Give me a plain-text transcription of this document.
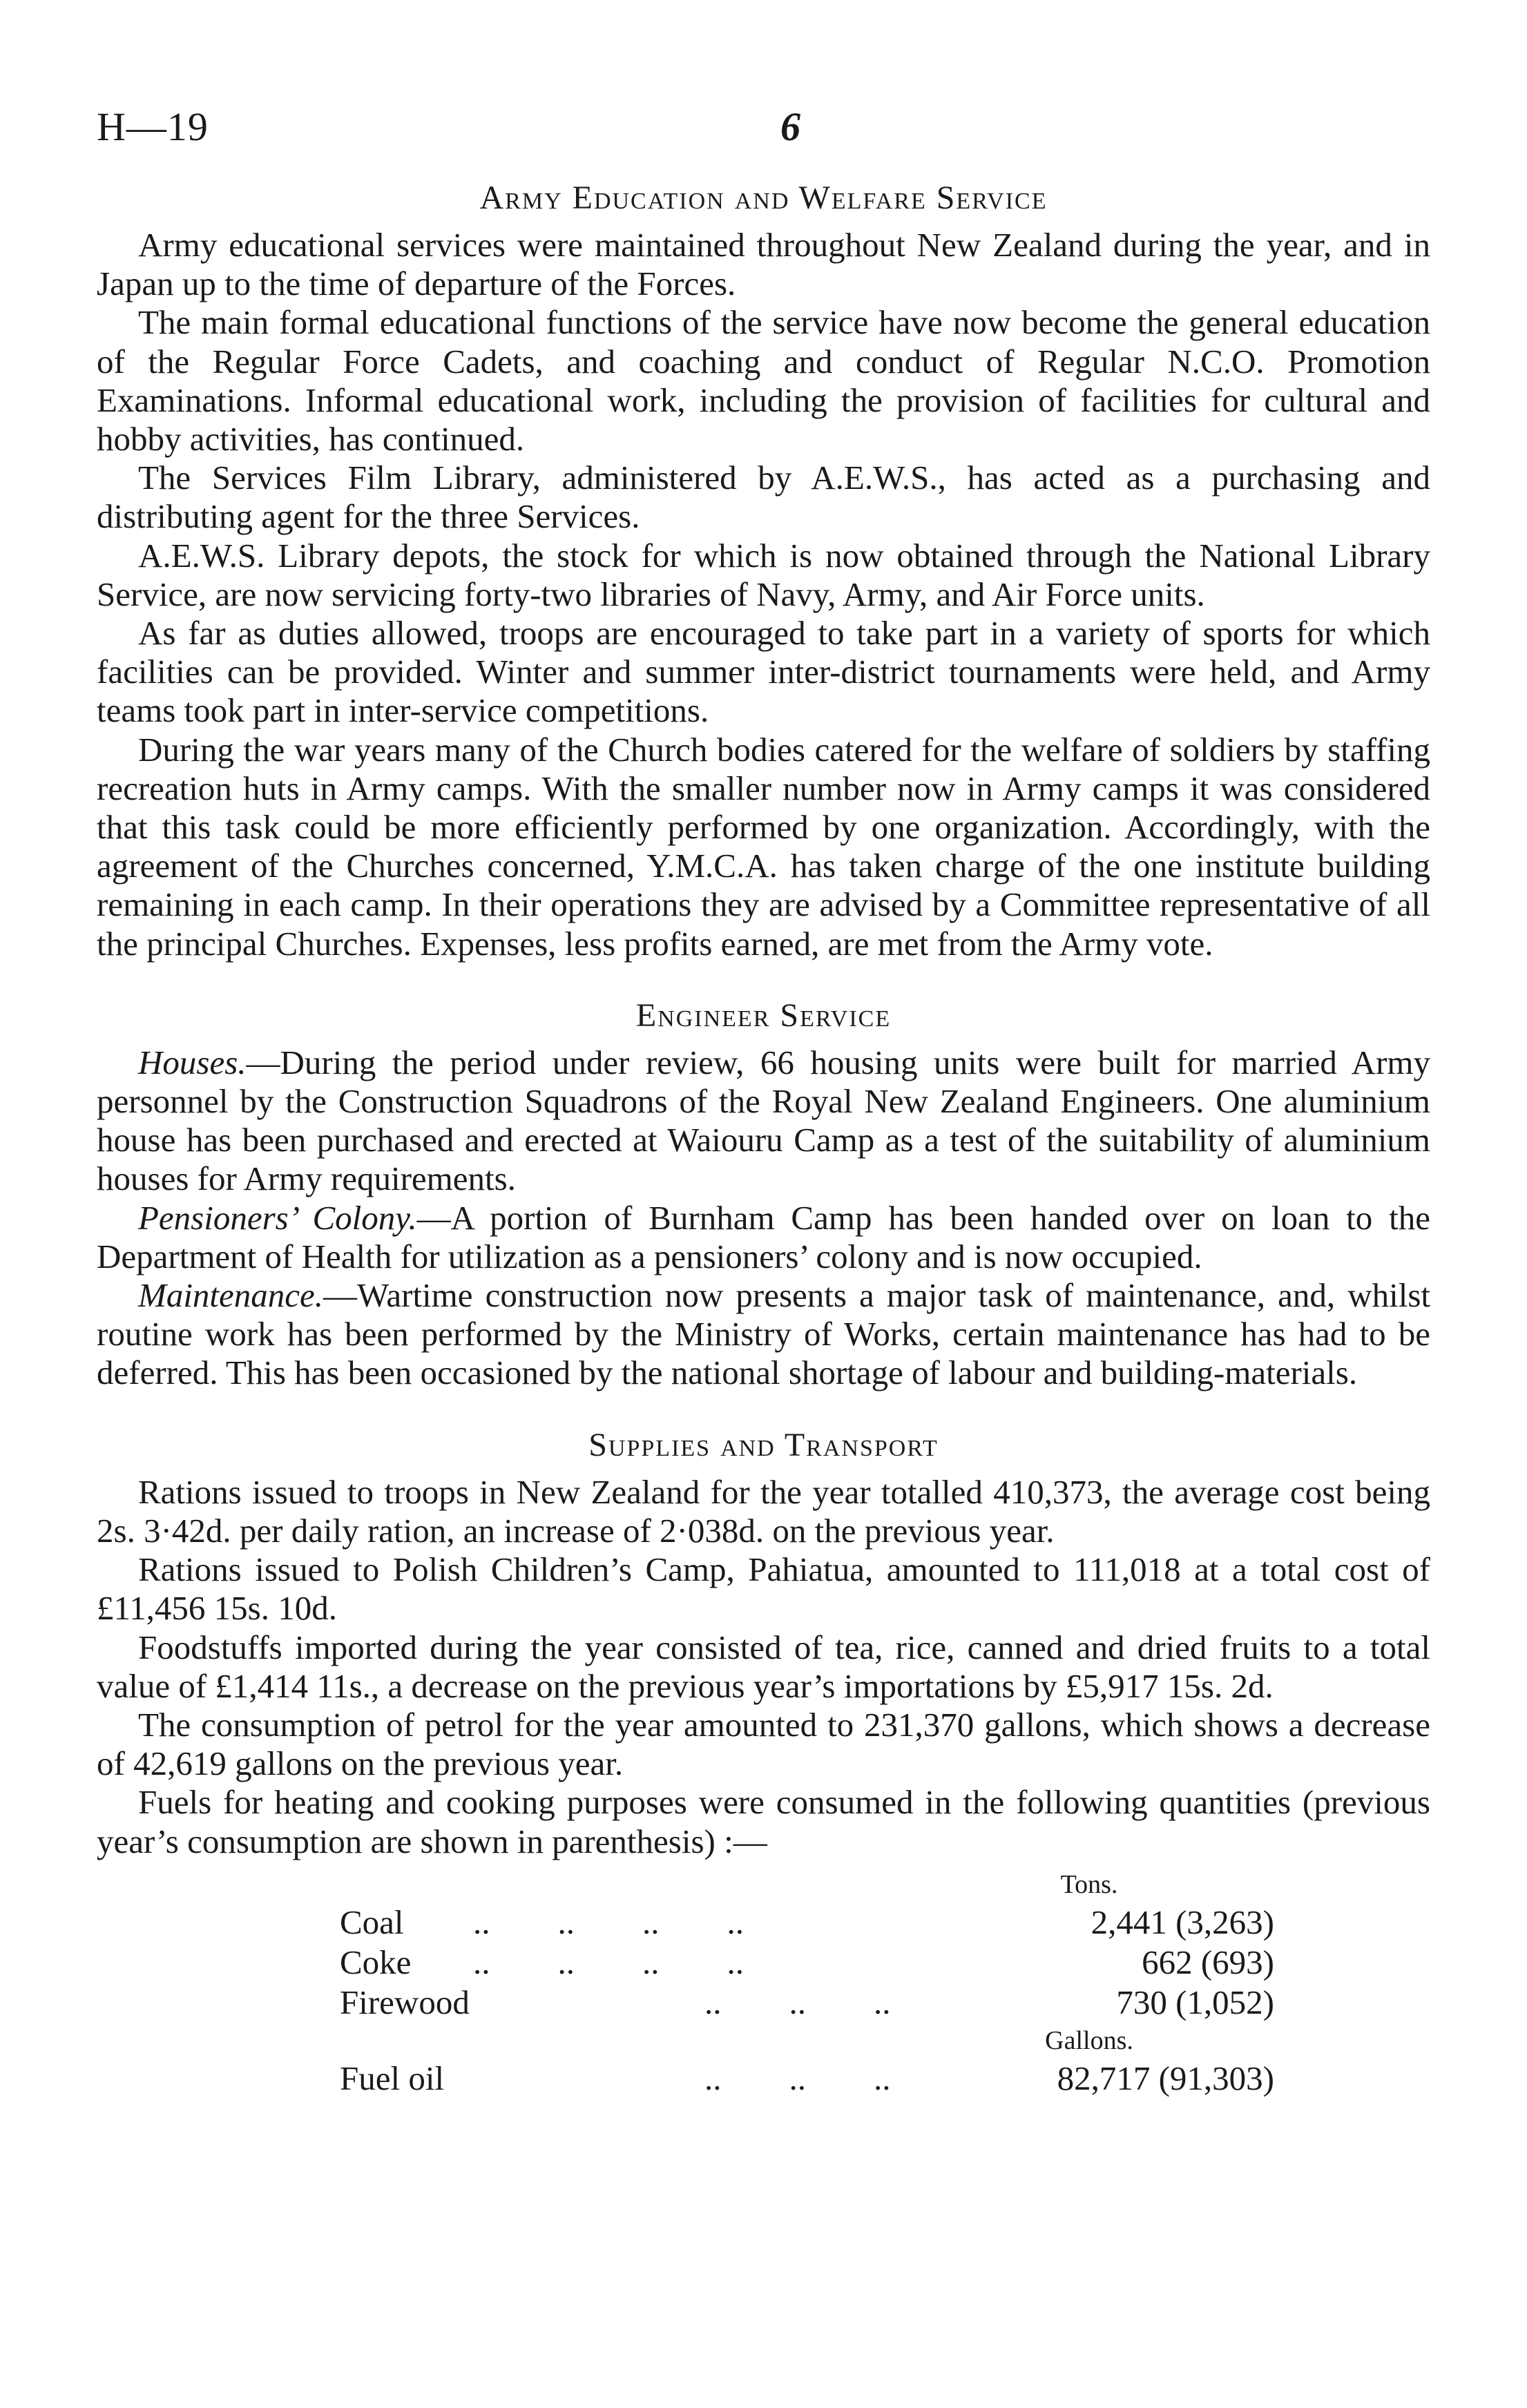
H—19	6
Army Education and Welfare Service

Army educational services were maintained throughout New Zealand during the year, and in Japan up to the time of departure of the Forces.

The main formal educational functions of the service have now become the general education of the Regular Force Cadets, and coaching and conduct of Regular N.C.O. Promotion Examinations. Informal educational work, including the provision of facilities for cultural and hobby activities, has continued.

The Services Film Library, administered by A.E.W.S., has acted as a purchasing and distributing agent for the three Services.

A.E.W.S. Library depots, the stock for which is now obtained through the National Library Service, are now servicing forty-two libraries of Navy, Army, and Air Force units.

As far as duties allowed, troops are encouraged to take part in a variety of sports for which facilities can be provided. Winter and summer inter-district tournaments were held, and Army teams took part in inter-service competitions.

During the war years many of the Church bodies catered for the welfare of soldiers by staffing recreation huts in Army camps. With the smaller number now in Army camps it was considered that this task could be more efficiently performed by one organization. Accordingly, with the agreement of the Churches concerned, Y.M.C.A. has taken charge of the one institute building remaining in each camp. In their operations they are advised by a Committee representative of all the principal Churches. Expenses, less profits earned, are met from the Army vote.

Engineer Service

Houses.—During the period under review, 66 housing units were built for married Army personnel by the Construction Squadrons of the Royal New Zealand Engineers. One aluminium house has been purchased and erected at Waiouru Camp as a test of the suitability of aluminium houses for Army requirements.

Pensioners’ Colony.—A portion of Burnham Camp has been handed over on loan to the Department of Health for utilization as a pensioners’ colony and is now occupied.

Maintenance.—Wartime construction now presents a major task of maintenance, and, whilst routine work has been performed by the Ministry of Works, certain maintenance has had to be deferred. This has been occasioned by the national shortage of labour and building-materials.

Supplies and Transport

Rations issued to troops in New Zealand for the year totalled 410,373, the average cost being 2s. 3·42d. per daily ration, an increase of 2·038d. on the previous year.

Rations issued to Polish Children’s Camp, Pahiatua, amounted to 111,018 at a total cost of £11,456 15s. 10d.

Foodstuffs imported during the year consisted of tea, rice, canned and dried fruits to a total value of £1,414 11s., a decrease on the previous year’s importations by £5,917 15s. 2d.

The consumption of petrol for the year amounted to 231,370 gallons, which shows a decrease of 42,619 gallons on the previous year.

Fuels for heating and cooking purposes were consumed in the following quantities (previous year’s consumption are shown in parenthesis) :—

Tons.
Coal ..        ..        ..        ..	2,441 (3,263)
Coke ..        ..        ..        ..	662 (693)
Firewood	..        ..        ..	730 (1,052)
Gallons.
Fuel oil	..        ..        ..	82,717 (91,303)
